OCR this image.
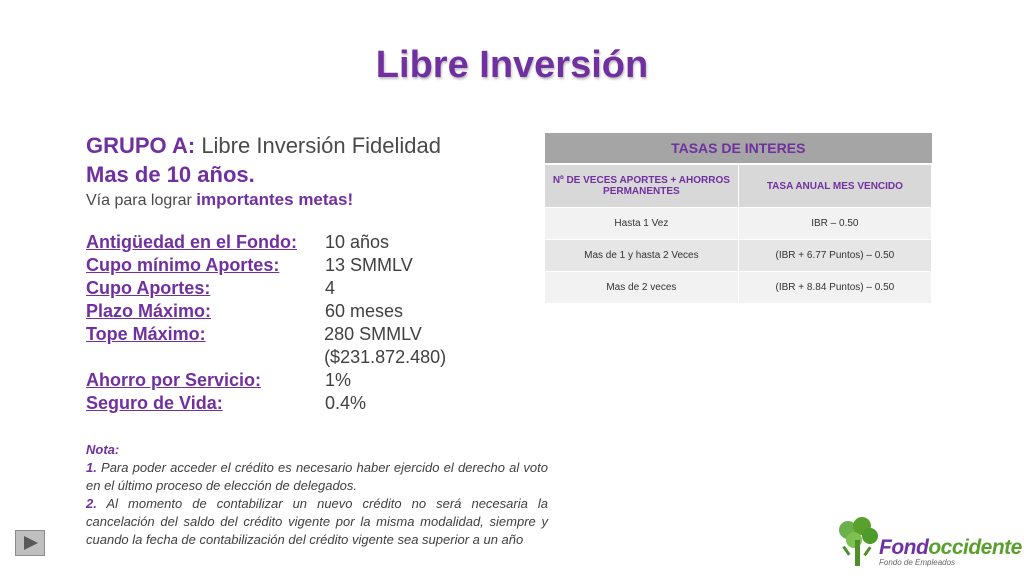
Libre Inversión
GRUPO A: Libre Inversión Fidelidad
Mas de 10 años.
Vía para lograr importantes metas!
Antigüedad en el Fondo:	10 años
Cupo mínimo Aportes:	13 SMMLV
Cupo Aportes:	4
Plazo Máximo:	60 meses
Tope Máximo:	280 SMMLV ($231.872.480)
Ahorro por Servicio:	1%
Seguro de Vida:	0.4%
Nota:
1. Para poder acceder el crédito es necesario haber ejercido el derecho al voto en el último proceso de elección de delegados.
2. Al momento de contabilizar un nuevo crédito no será necesaria la cancelación del saldo del crédito vigente por la misma modalidad, siempre y cuando la fecha de contabilización del crédito vigente sea superior a un año
TASAS DE INTERES	
Nº DE VECES APORTES + AHORROS PERMANENTES	TASA ANUAL MES VENCIDO
Hasta 1 Vez	IBR – 0.50
Mas de 1 y hasta 2 Veces	(IBR + 6.77 Puntos) – 0.50
Mas de 2 veces	(IBR + 8.84 Puntos) – 0.50
Fondoccidente
Fondo de Empleados
